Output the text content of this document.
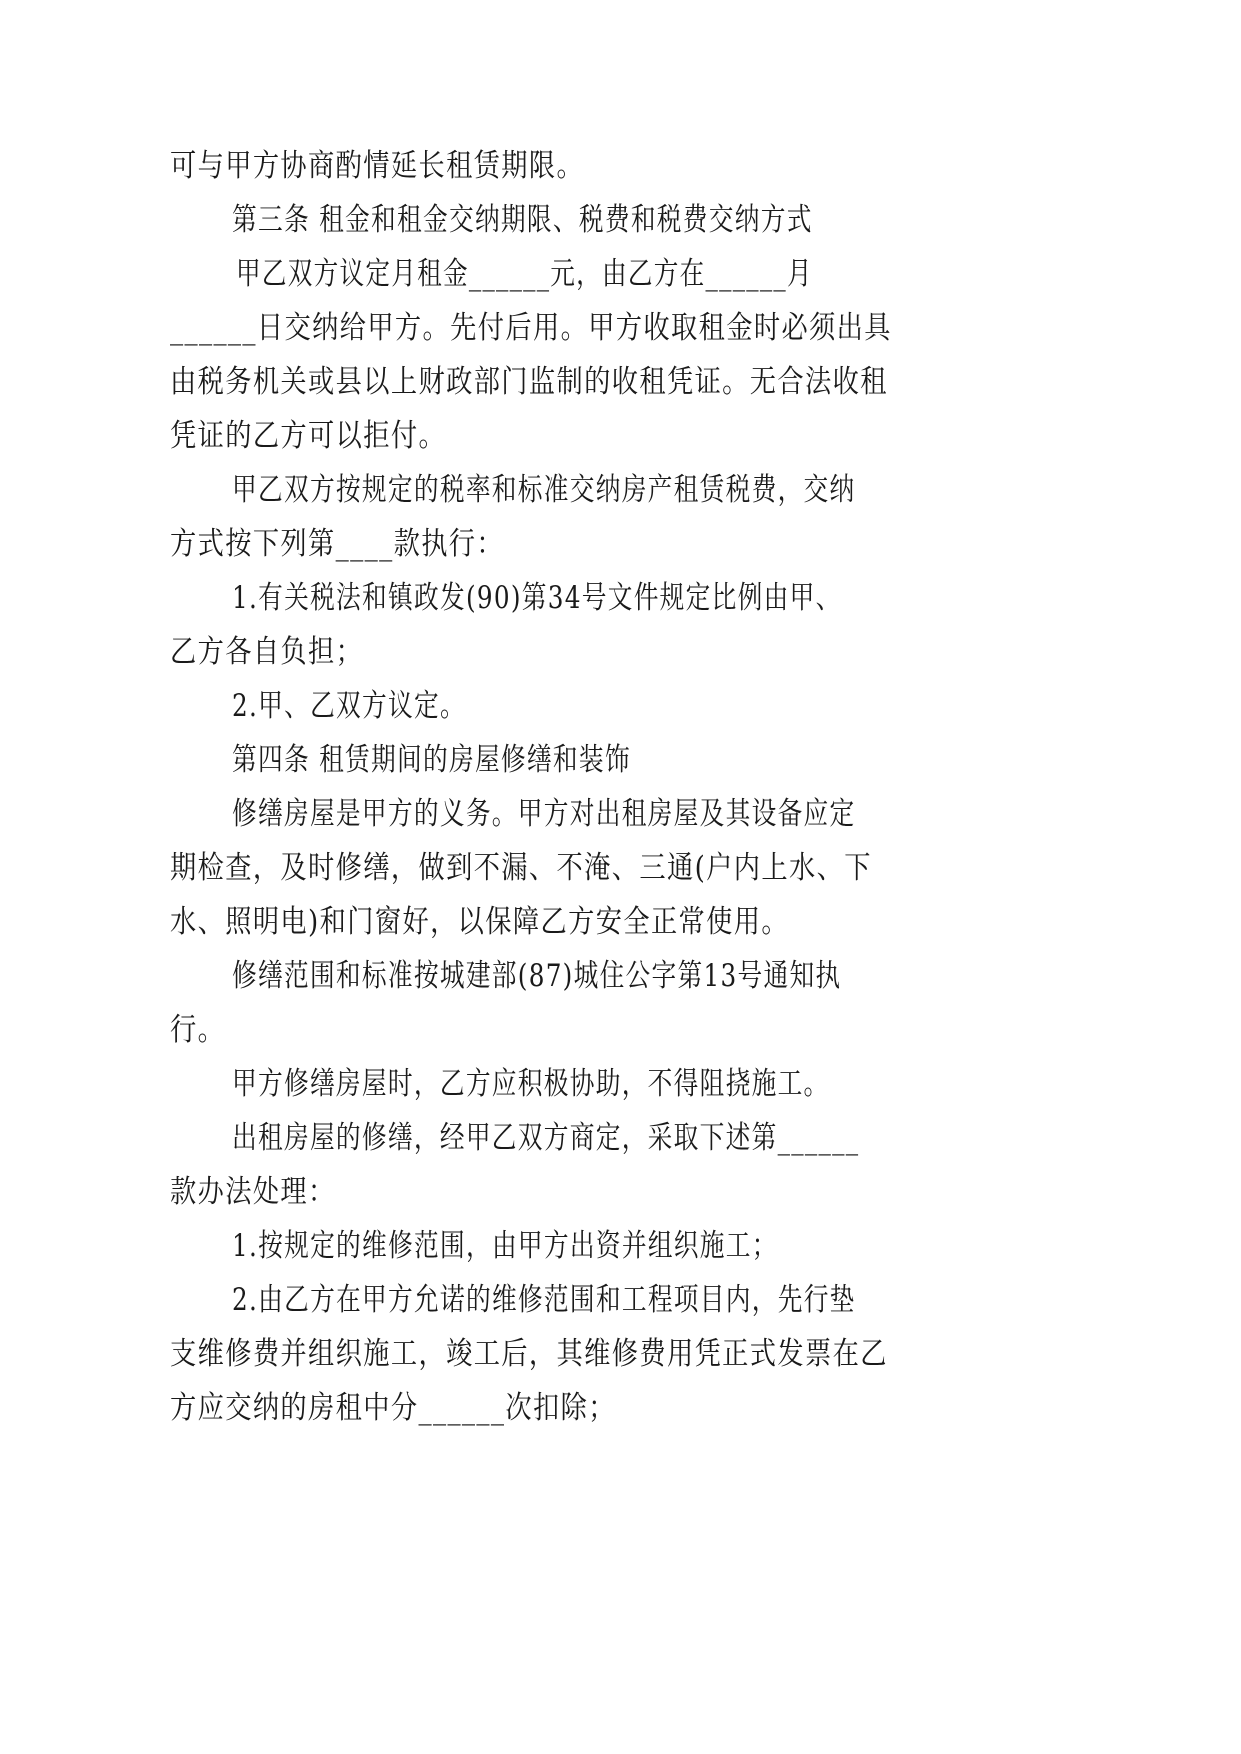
可与甲方协商酌情延长租赁期限。
第三条 租金和租金交纳期限、税费和税费交纳方式
甲乙双方议定月租金______元，由乙方在______月
______日交纳给甲方。先付后用。甲方收取租金时必须出具
由税务机关或县以上财政部门监制的收租凭证。无合法收租
凭证的乙方可以拒付。
甲乙双方按规定的税率和标准交纳房产租赁税费，交纳
方式按下列第____款执行：
1.有关税法和镇政发(90)第34号文件规定比例由甲、
乙方各自负担；
2.甲、乙双方议定。
第四条 租赁期间的房屋修缮和装饰
修缮房屋是甲方的义务。甲方对出租房屋及其设备应定
期检查，及时修缮，做到不漏、不淹、三通(户内上水、下
水、照明电)和门窗好，以保障乙方安全正常使用。
修缮范围和标准按城建部(87)城住公字第13号通知执
行。
甲方修缮房屋时，乙方应积极协助，不得阻挠施工。
出租房屋的修缮，经甲乙双方商定，采取下述第______
款办法处理：
1.按规定的维修范围，由甲方出资并组织施工；
2.由乙方在甲方允诺的维修范围和工程项目内，先行垫
支维修费并组织施工，竣工后，其维修费用凭正式发票在乙
方应交纳的房租中分______次扣除；
